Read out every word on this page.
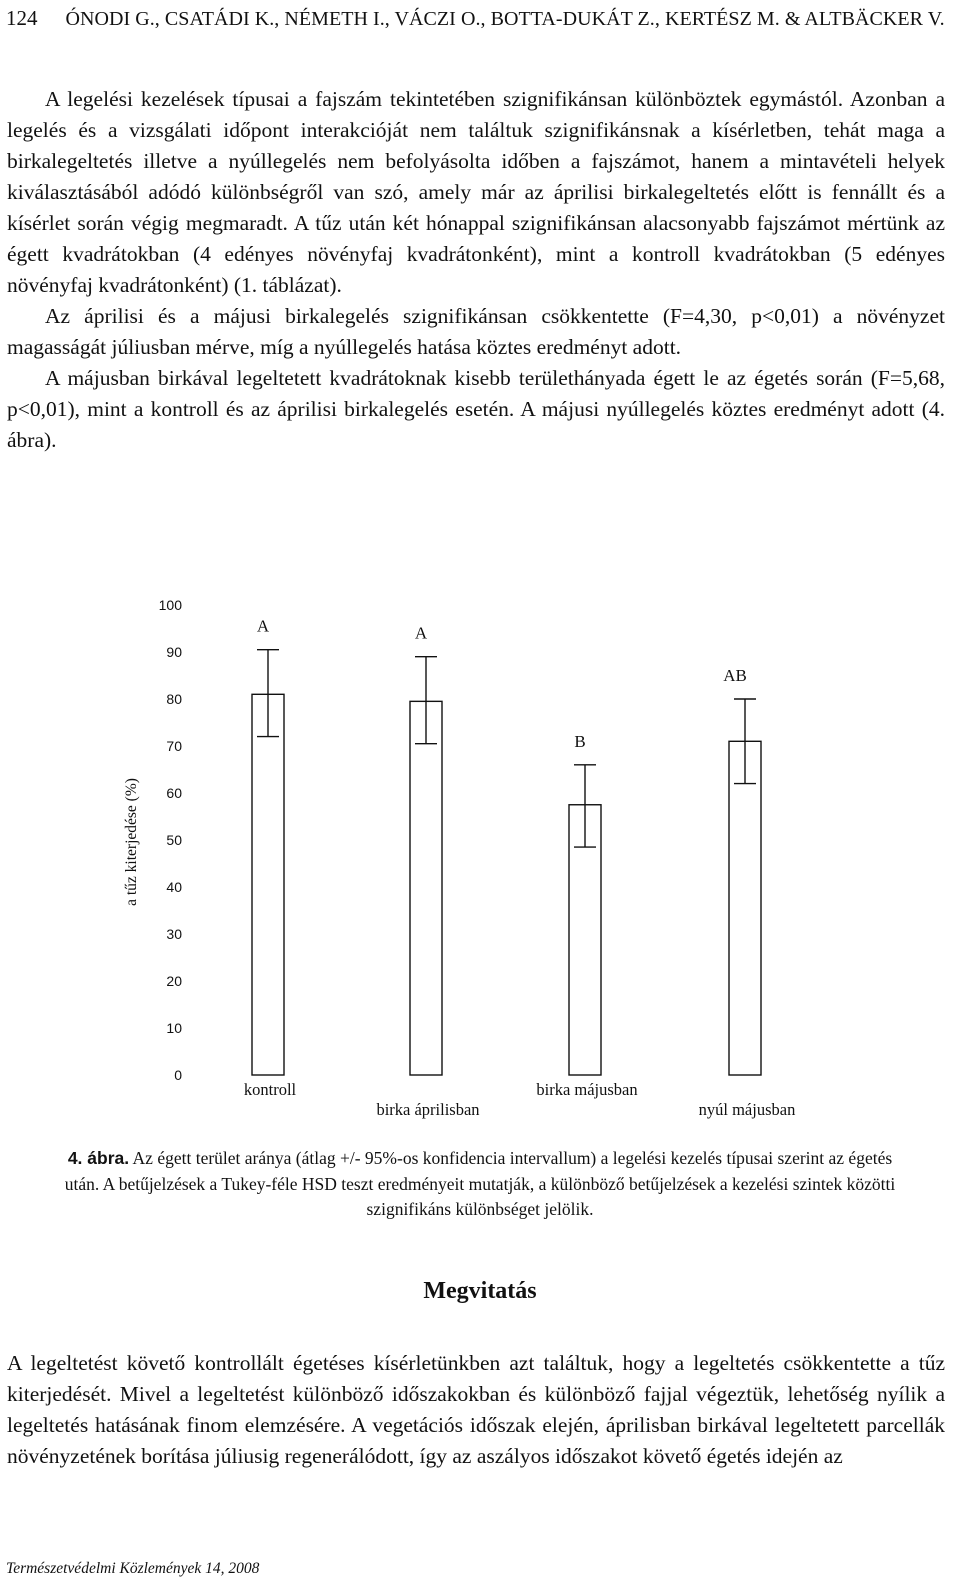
124 ÓNODI G., CSATÁDI K., NÉMETH I., VÁCZI O., BOTTA-DUKÁT Z., KERTÉSZ M. & ALTBÄCKER V.

A legelési kezelések típusai a fajszám tekintetében szignifikánsan különböztek egymástól. Azonban a legelés és a vizsgálati időpont interakcióját nem találtuk szignifikánsnak a kísérletben, tehát maga a birkalegeltetés illetve a nyúllegelés nem befolyásolta időben a fajszámot, hanem a mintavételi helyek kiválasztásából adódó különbségről van szó, amely már az áprilisi birkalegeltetés előtt is fennállt és a kísérlet során végig megmaradt. A tűz után két hónappal szignifikánsan alacsonyabb fajszámot mértünk az égett kvadrátokban (4 edényes növényfaj kvadrátonként), mint a kontroll kvadrátokban (5 edényes növényfaj kvadrátonként) (1. táblázat).

Az áprilisi és a májusi birkalegelés szignifikánsan csökkentette (F=4,30, p<0,01) a növényzet magasságát júliusban mérve, míg a nyúllegelés hatása köztes eredményt adott.

A májusban birkával legeltetett kvadrátoknak kisebb területhányada égett le az égetés során (F=5,68, p<0,01), mint a kontroll és az áprilisi birkalegelés esetén. A májusi nyúllegelés köztes eredményt adott (4. ábra).

0
10
20
30
40
50
60
70
80
90
100
a tűz kiterjedése (%)
A
kontroll
A
birka áprilisban
B
birka májusban
AB
nyúl májusban
4. ábra. Az égett terület aránya (átlag +/- 95%-os konfidencia intervallum) a legelési kezelés típusai szerint az égetés után. A betűjelzések a Tukey-féle HSD teszt eredményeit mutatják, a különböző betűjelzések a kezelési szintek közötti szignifikáns különbséget jelölik.
Megvitatás

A legeltetést követő kontrollált égetéses kísérletünkben azt találtuk, hogy a legeltetés csökkentette a tűz kiterjedését. Mivel a legeltetést különböző időszakokban és különböző fajjal végeztük, lehetőség nyílik a legeltetés hatásának finom elemzésére. A vegetációs időszak elején, áprilisban birkával legeltetett parcellák növényzetének borítása júliusig regenerálódott, így az aszályos időszakot követő égetés idején az

Természetvédelmi Közlemények 14, 2008
